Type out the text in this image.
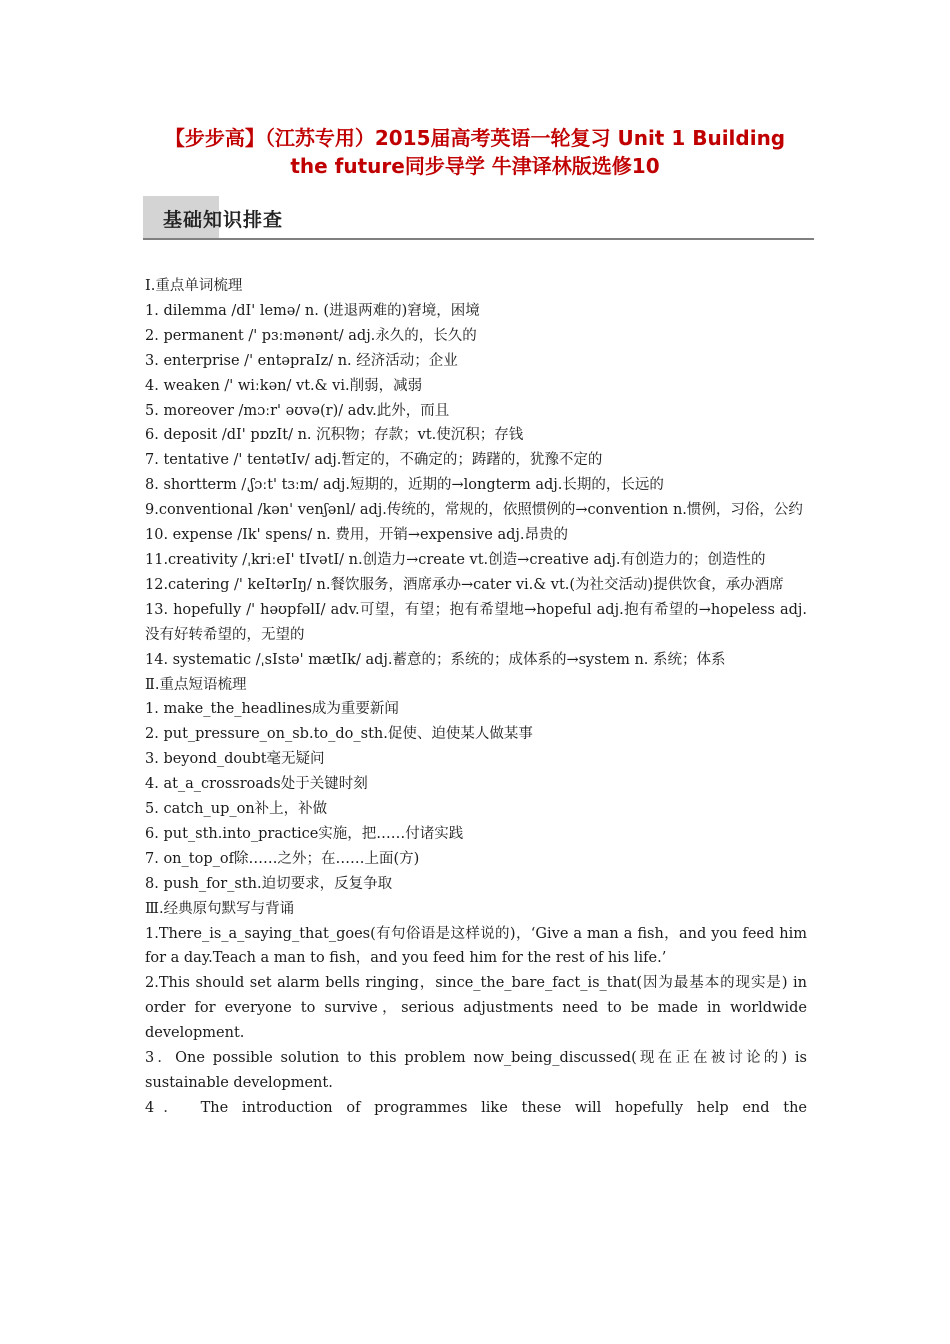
【步步高】（江苏专用）2015届高考英语一轮复习 Unit 1 Building
the future同步导学 牛津译林版选修10
基础知识排查
Ⅰ.重点单词梳理
1. dilemma /dI' lemə/ n. (进退两难的)窘境，困境
2. permanent /' pɜːmənənt/ adj.永久的，长久的
3. enterprise /' entəpraIz/ n. 经济活动；企业
4. weaken /' wiːkən/ vt.& vi.削弱，减弱
5. moreover /mɔːr' əʊvə(r)/ adv.此外，而且
6. deposit /dI' pɒzIt/ n. 沉积物；存款；vt.使沉积；存钱
7. tentative /' tentətIv/ adj.暂定的，不确定的；踌躇的，犹豫不定的
8. shortterm /ˌʃɔːt' tɜːm/ adj.短期的，近期的→longterm adj.长期的，长远的
9.conventional /kən' venʃənl/ adj.传统的，常规的，依照惯例的→convention n.惯例，习俗，公约
10. expense /Ik' spens/ n. 费用，开销→expensive adj.昂贵的
11.creativity /ˌkriːeI' tIvətI/ n.创造力→create vt.创造→creative adj.有创造力的；创造性的
12.catering /' keItərIŋ/ n.餐饮服务，酒席承办→cater vi.& vt.(为社交活动)提供饮食，承办酒席
13. hopefully /' həʊpfəlI/ adv.可望，有望；抱有希望地→hopeful adj.抱有希望的→hopeless adj.没有好转希望的，无望的
14. systematic /ˌsIstə' mætIk/ adj.蓄意的；系统的；成体系的→system n. 系统；体系
Ⅱ.重点短语梳理
1. make_the_headlines成为重要新闻
2. put_pressure_on_sb.to_do_sth.促使、迫使某人做某事
3. beyond_doubt毫无疑问
4. at_a_crossroads处于关键时刻
5. catch_up_on补上，补做
6. put_sth.into_practice实施，把……付诸实践
7. on_top_of除……之外；在……上面(方)
8. push_for_sth.迫切要求，反复争取
Ⅲ.经典原句默写与背诵
1.There_is_a_saying_that_goes(有句俗语是这样说的)，‘Give a man a fish，and you feed him for a day.Teach a man to fish，and you feed him for the rest of his life.’
2.This should set alarm bells ringing，since_the_bare_fact_is_that(因为最基本的现实是) in order for everyone to survive，serious adjustments need to be made in worldwide development.
3．One possible solution to this problem now_being_discussed(现在正在被讨论的) is sustainable development.
4． The introduction of programmes like these will hopefully help end the
